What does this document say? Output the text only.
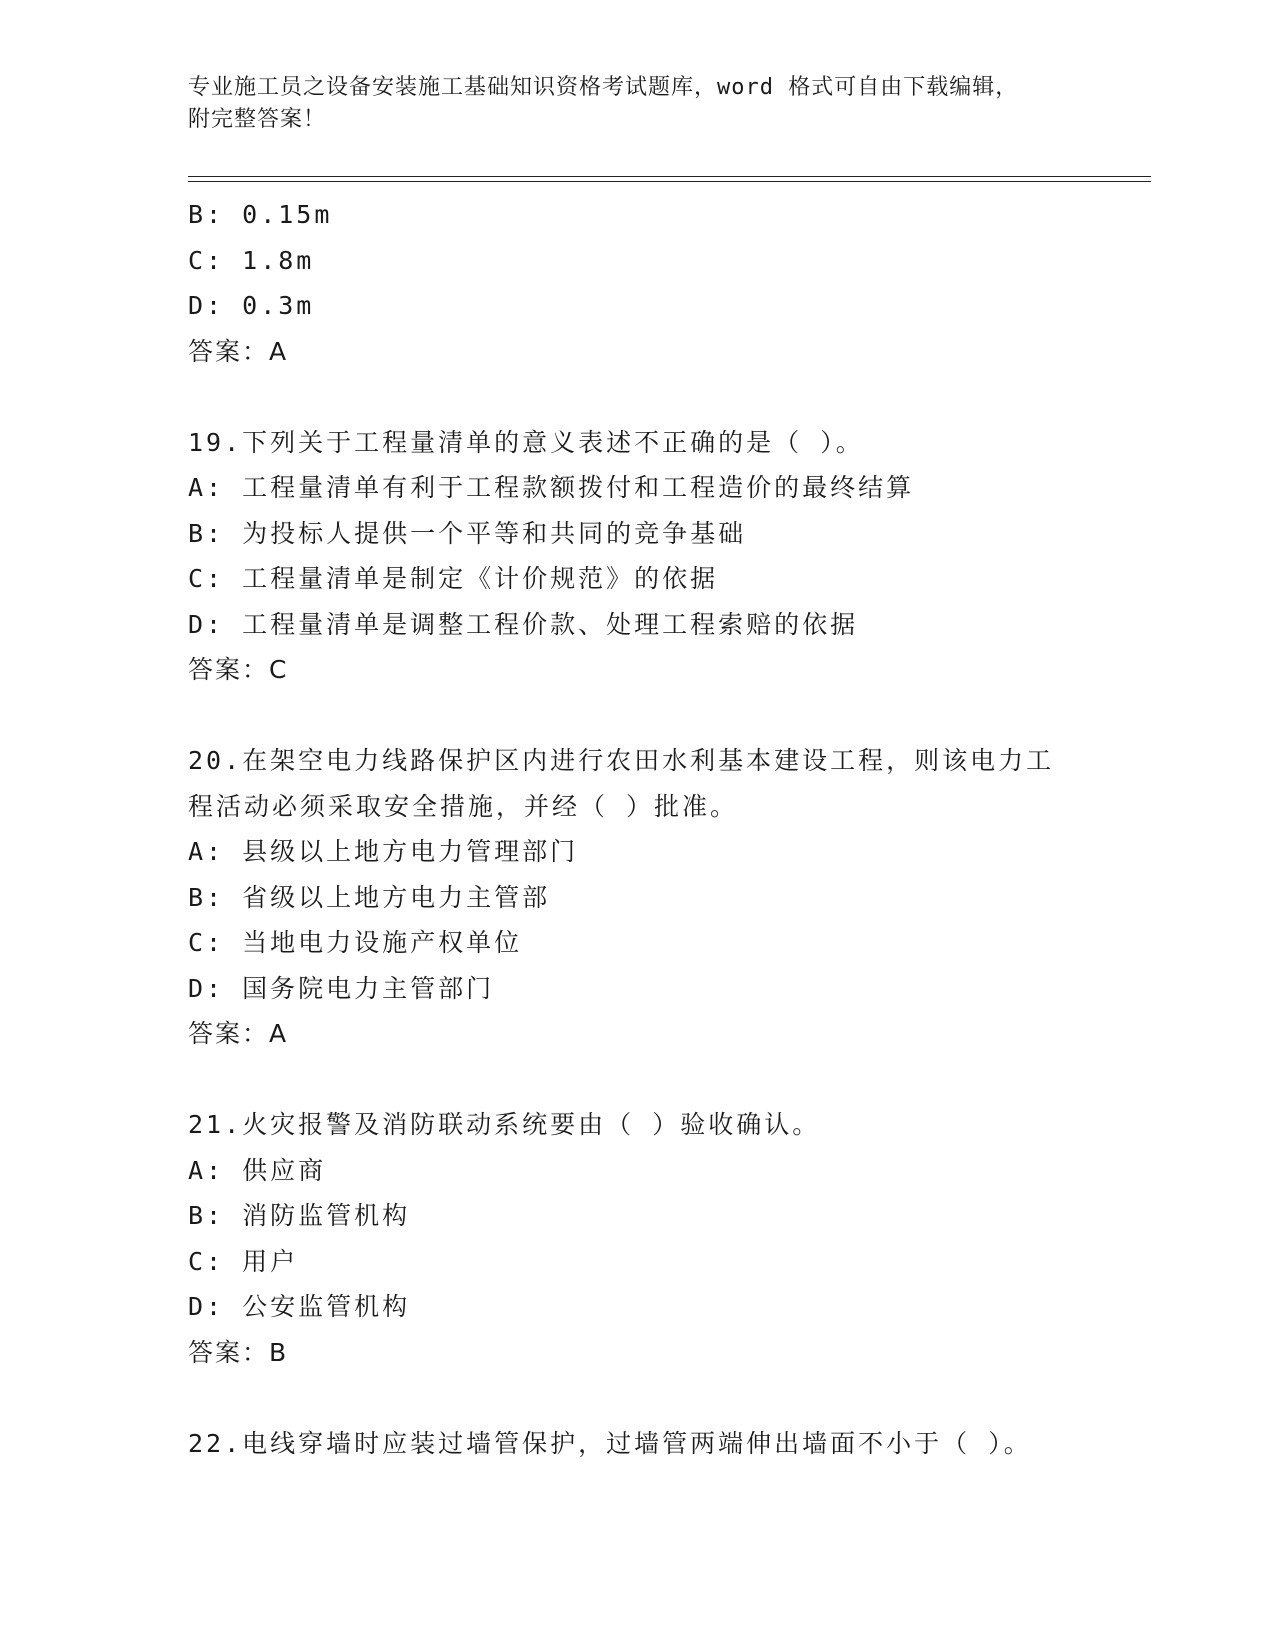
专业施工员之设备安装施工基础知识资格考试题库，word 格式可自由下载编辑，
附完整答案！
B: 0.15m
C: 1.8m
D: 0.3m
答案：A
19.下列关于工程量清单的意义表述不正确的是（ ）。
A: 工程量清单有利于工程款额拨付和工程造价的最终结算
B: 为投标人提供一个平等和共同的竞争基础
C: 工程量清单是制定《计价规范》的依据
D: 工程量清单是调整工程价款、处理工程索赔的依据
答案：C
20.在架空电力线路保护区内进行农田水利基本建设工程，则该电力工
程活动必须采取安全措施，并经（ ）批准。
A: 县级以上地方电力管理部门
B: 省级以上地方电力主管部
C: 当地电力设施产权单位
D: 国务院电力主管部门
答案：A
21.火灾报警及消防联动系统要由（ ）验收确认。
A: 供应商
B: 消防监管机构
C: 用户
D: 公安监管机构
答案：B
22.电线穿墙时应装过墙管保护，过墙管两端伸出墙面不小于（ ）。
